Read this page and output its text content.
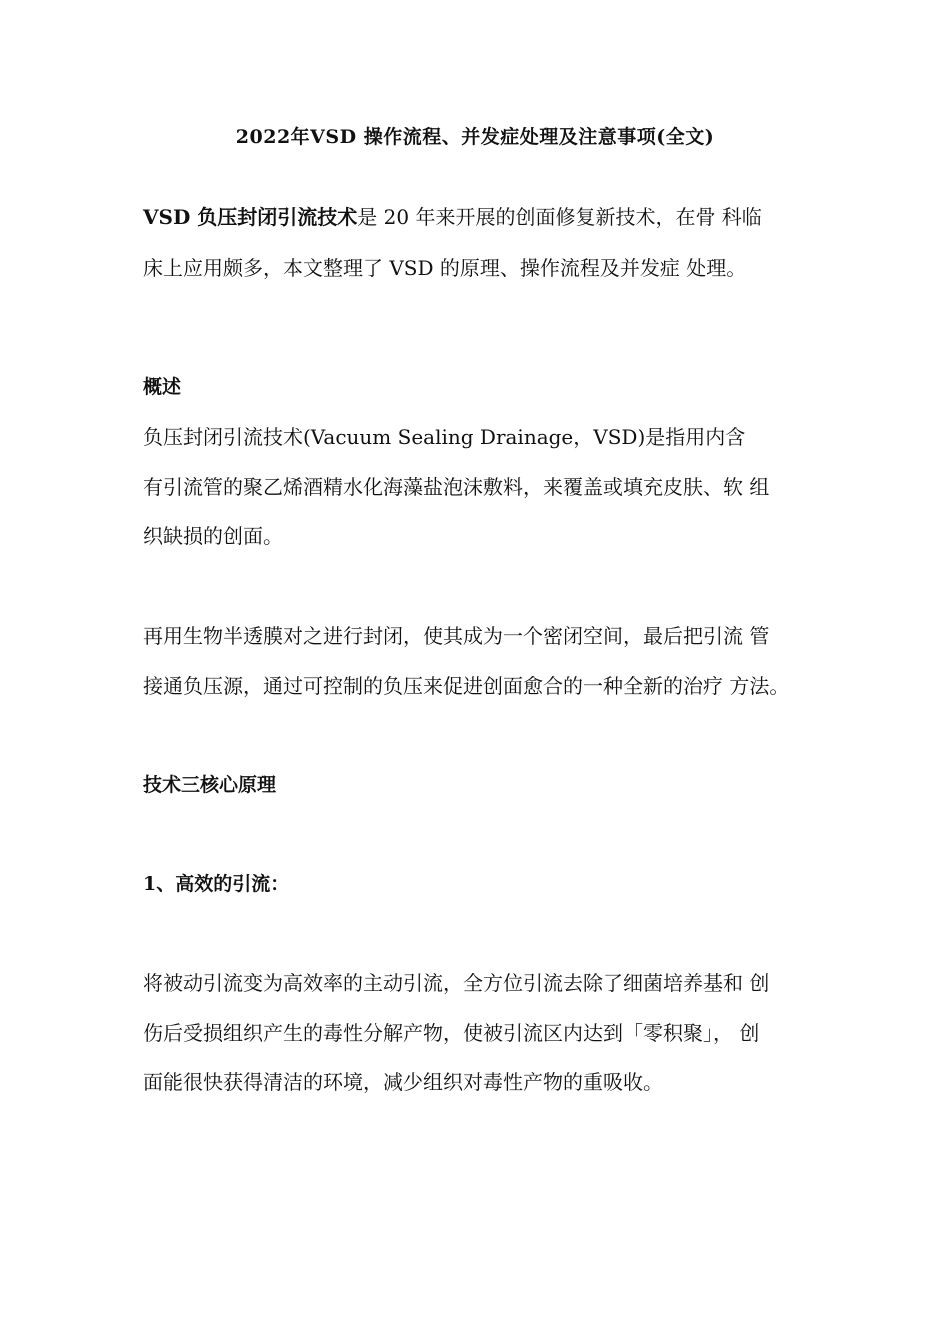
2022年VSD 操作流程、并发症处理及注意事项(全文)
VSD 负压封闭引流技术是 20 年来开展的创面修复新技术，在骨 科临
床上应用颇多，本文整理了 VSD 的原理、操作流程及并发症 处理。
概述
负压封闭引流技术(Vacuum Sealing Drainage，VSD)是指用内含
有引流管的聚乙烯酒精水化海藻盐泡沫敷料，来覆盖或填充皮肤、软 组
织缺损的创面。
再用生物半透膜对之进行封闭，使其成为一个密闭空间，最后把引流 管
接通负压源，通过可控制的负压来促进创面愈合的一种全新的治疗 方法。
技术三核心原理
1、高效的引流：
将被动引流变为高效率的主动引流，全方位引流去除了细菌培养基和 创
伤后受损组织产生的毒性分解产物，使被引流区内达到「零积聚」， 创
面能很快获得清洁的环境，减少组织对毒性产物的重吸收。
